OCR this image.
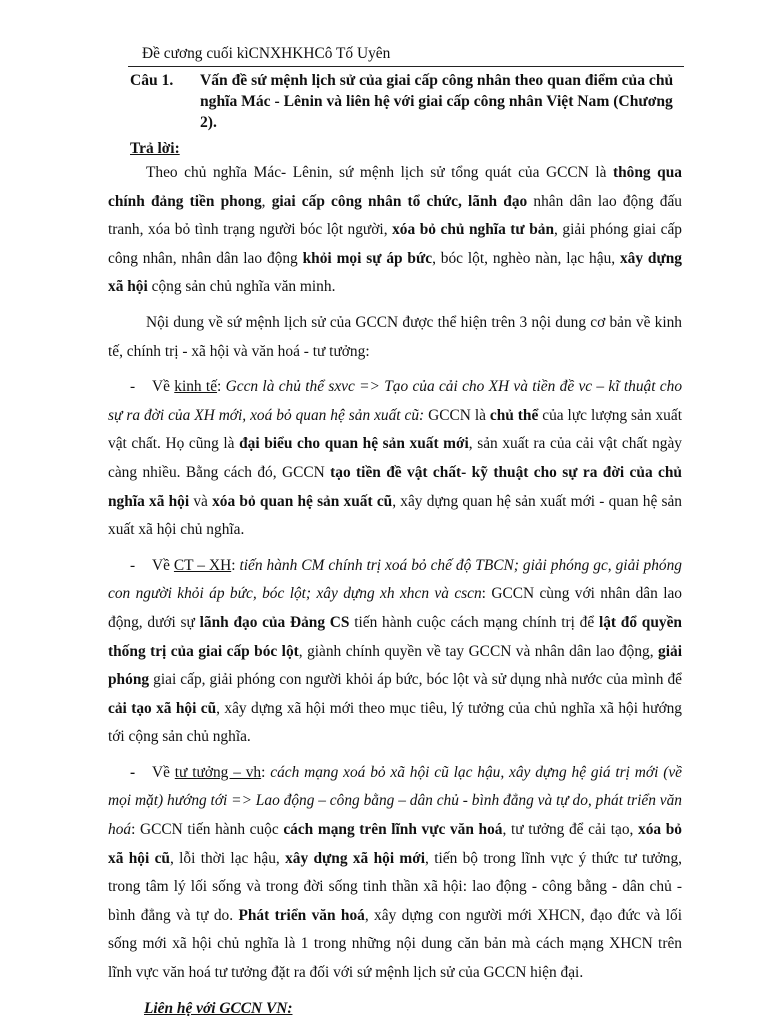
Đề cương cuối kìCNXHKHCô Tố Uyên
Câu 1.	Vấn đề sứ mệnh lịch sử của giai cấp công nhân theo quan điểm của chủ nghĩa Mác - Lênin và liên hệ với giai cấp công nhân Việt Nam (Chương 2).
Trả lời:

Theo chủ nghĩa Mác- Lênin, sứ mệnh lịch sử tổng quát của GCCN là thông qua chính đảng tiền phong, giai cấp công nhân tổ chức, lãnh đạo nhân dân lao động đấu tranh, xóa bỏ tình trạng người bóc lột người, xóa bỏ chủ nghĩa tư bản, giải phóng giai cấp công nhân, nhân dân lao động khỏi mọi sự áp bức, bóc lột, nghèo nàn, lạc hậu, xây dựng xã hội cộng sản chủ nghĩa văn minh.

Nội dung về sứ mệnh lịch sử của GCCN được thể hiện trên 3 nội dung cơ bản về kinh tế, chính trị - xã hội và văn hoá - tư tưởng:

- Về kinh tế: Gccn là chủ thể sxvc => Tạo của cải cho XH và tiền đề vc – kĩ thuật cho sự ra đời của XH mới, xoá bỏ quan hệ sản xuất cũ: GCCN là chủ thể của lực lượng sản xuất vật chất. Họ cũng là đại biểu cho quan hệ sản xuất mới, sản xuất ra của cải vật chất ngày càng nhiều. Bằng cách đó, GCCN tạo tiền đề vật chất- kỹ thuật cho sự ra đời của chủ nghĩa xã hội và xóa bỏ quan hệ sản xuất cũ, xây dựng quan hệ sản xuất mới - quan hệ sản xuất xã hội chủ nghĩa.

- Về CT – XH: tiến hành CM chính trị xoá bỏ chế độ TBCN; giải phóng gc, giải phóng con người khỏi áp bức, bóc lột; xây dựng xh xhcn và cscn: GCCN cùng với nhân dân lao động, dưới sự lãnh đạo của Đảng CS tiến hành cuộc cách mạng chính trị để lật đổ quyền thống trị của giai cấp bóc lột, giành chính quyền về tay GCCN và nhân dân lao động, giải phóng giai cấp, giải phóng con người khỏi áp bức, bóc lột và sử dụng nhà nước của mình để cải tạo xã hội cũ, xây dựng xã hội mới theo mục tiêu, lý tưởng của chủ nghĩa xã hội hướng tới cộng sản chủ nghĩa.

- Về tư tưởng – vh: cách mạng xoá bỏ xã hội cũ lạc hậu, xây dựng hệ giá trị mới (về mọi mặt) hướng tới => Lao động – công bằng – dân chủ - bình đẳng và tự do, phát triển văn hoá: GCCN tiến hành cuộc cách mạng trên lĩnh vực văn hoá, tư tưởng để cải tạo, xóa bỏ xã hội cũ, lỗi thời lạc hậu, xây dựng xã hội mới, tiến bộ trong lĩnh vực ý thức tư tưởng, trong tâm lý lối sống và trong đời sống tinh thần xã hội: lao động - công bằng - dân chủ - bình đẳng và tự do. Phát triển văn hoá, xây dựng con người mới XHCN, đạo đức và lối sống mới xã hội chủ nghĩa là 1 trong những nội dung căn bản mà cách mạng XHCN trên lĩnh vực văn hoá tư tưởng đặt ra đối với sứ mệnh lịch sử của GCCN hiện đại.

Liên hệ với GCCN VN:
